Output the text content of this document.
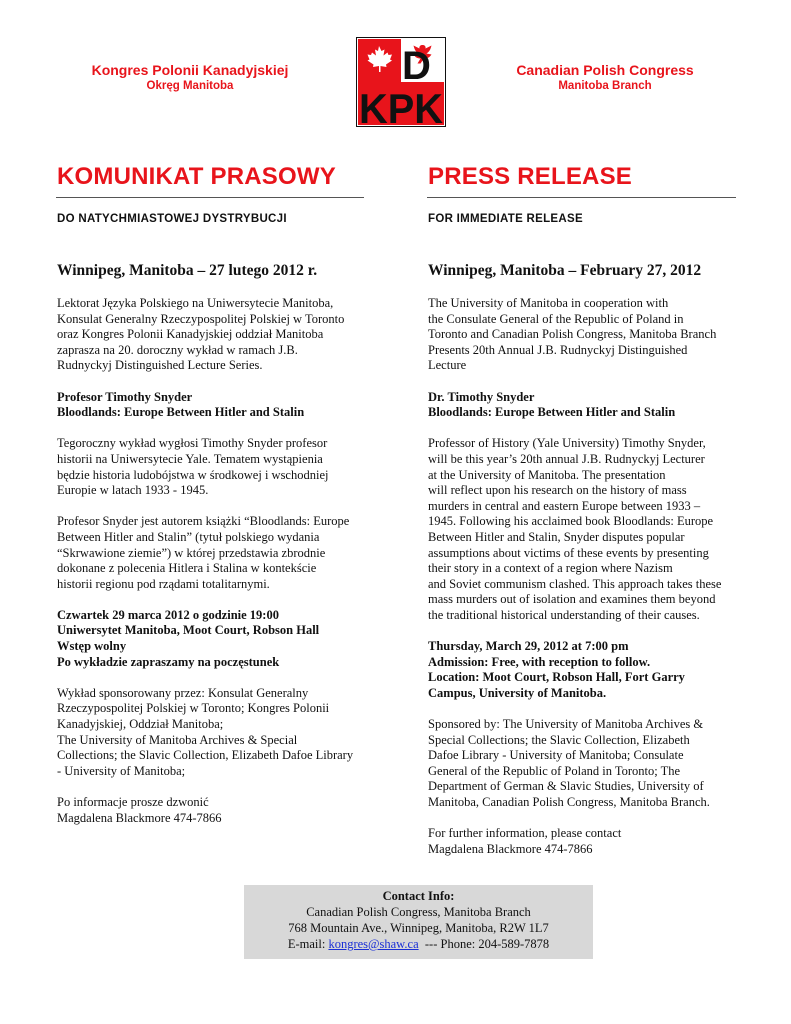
Kongres Polonii Kanadyjskiej
Okręg Manitoba	D
KPK
Canadian Polish Congress
Manitoba Branch
KOMUNIKAT PRASOWY	PRESS RELEASE
DO NATYCHMIASTOWEJ DYSTRYBUCJI	FOR IMMEDIATE RELEASE
Winnipeg, Manitoba – 27 lutego 2012 r.	Winnipeg, Manitoba – February 27, 2012

Lektorat Języka Polskiego na Uniwersytecie Manitoba,
Konsulat Generalny Rzeczypospolitej Polskiej w Toronto
oraz Kongres Polonii Kanadyjskiej oddział Manitoba
zaprasza na 20. doroczny wykład w ramach J.B.
Rudnyckyj Distinguished Lecture Series.

Profesor Timothy Snyder
Bloodlands: Europe Between Hitler and Stalin

Tegoroczny wykład wygłosi Timothy Snyder profesor
historii na Uniwersytecie Yale. Tematem wystąpienia
będzie historia ludobójstwa w środkowej i wschodniej
Europie w latach 1933 - 1945.

Profesor Snyder jest autorem książki “Bloodlands: Europe
Between Hitler and Stalin” (tytuł polskiego wydania
“Skrwawione ziemie”) w której przedstawia zbrodnie
dokonane z polecenia Hitlera i Stalina w kontekście
historii regionu pod rządami totalitarnymi.

Czwartek 29 marca 2012 o godzinie 19:00
Uniwersytet Manitoba, Moot Court, Robson Hall
Wstęp wolny
Po wykładzie zapraszamy na poczęstunek

Wykład sponsorowany przez: Konsulat Generalny
Rzeczypospolitej Polskiej w Toronto; Kongres Polonii
Kanadyjskiej, Oddział Manitoba;
The University of Manitoba Archives & Special
Collections; the Slavic Collection, Elizabeth Dafoe Library
- University of Manitoba;

Po informacje prosze dzwonić
Magdalena Blackmore 474-7866

The University of Manitoba in cooperation with
the Consulate General of the Republic of Poland in
Toronto and Canadian Polish Congress, Manitoba Branch
Presents 20th Annual J.B. Rudnyckyj Distinguished
Lecture

Dr. Timothy Snyder
Bloodlands: Europe Between Hitler and Stalin

Professor of History (Yale University) Timothy Snyder,
will be this year’s 20th annual J.B. Rudnyckyj Lecturer
at the University of Manitoba. The presentation
will reflect upon his research on the history of mass
murders in central and eastern Europe between 1933 –
1945. Following his acclaimed book Bloodlands: Europe
Between Hitler and Stalin, Snyder disputes popular
assumptions about victims of these events by presenting
their story in a context of a region where Nazism
and Soviet communism clashed. This approach takes these
mass murders out of isolation and examines them beyond
the traditional historical understanding of their causes.

Thursday, March 29, 2012 at 7:00 pm
Admission: Free, with reception to follow.
Location: Moot Court, Robson Hall, Fort Garry
Campus, University of Manitoba.

Sponsored by: The University of Manitoba Archives &
Special Collections; the Slavic Collection, Elizabeth
Dafoe Library - University of Manitoba; Consulate
General of the Republic of Poland in Toronto; The
Department of German & Slavic Studies, University of
Manitoba, Canadian Polish Congress, Manitoba Branch.

For further information, please contact
Magdalena Blackmore 474-7866

Contact Info:
Canadian Polish Congress, Manitoba Branch
768 Mountain Ave., Winnipeg, Manitoba, R2W 1L7
E-mail: kongres@shaw.ca  --- Phone: 204-589-7878
